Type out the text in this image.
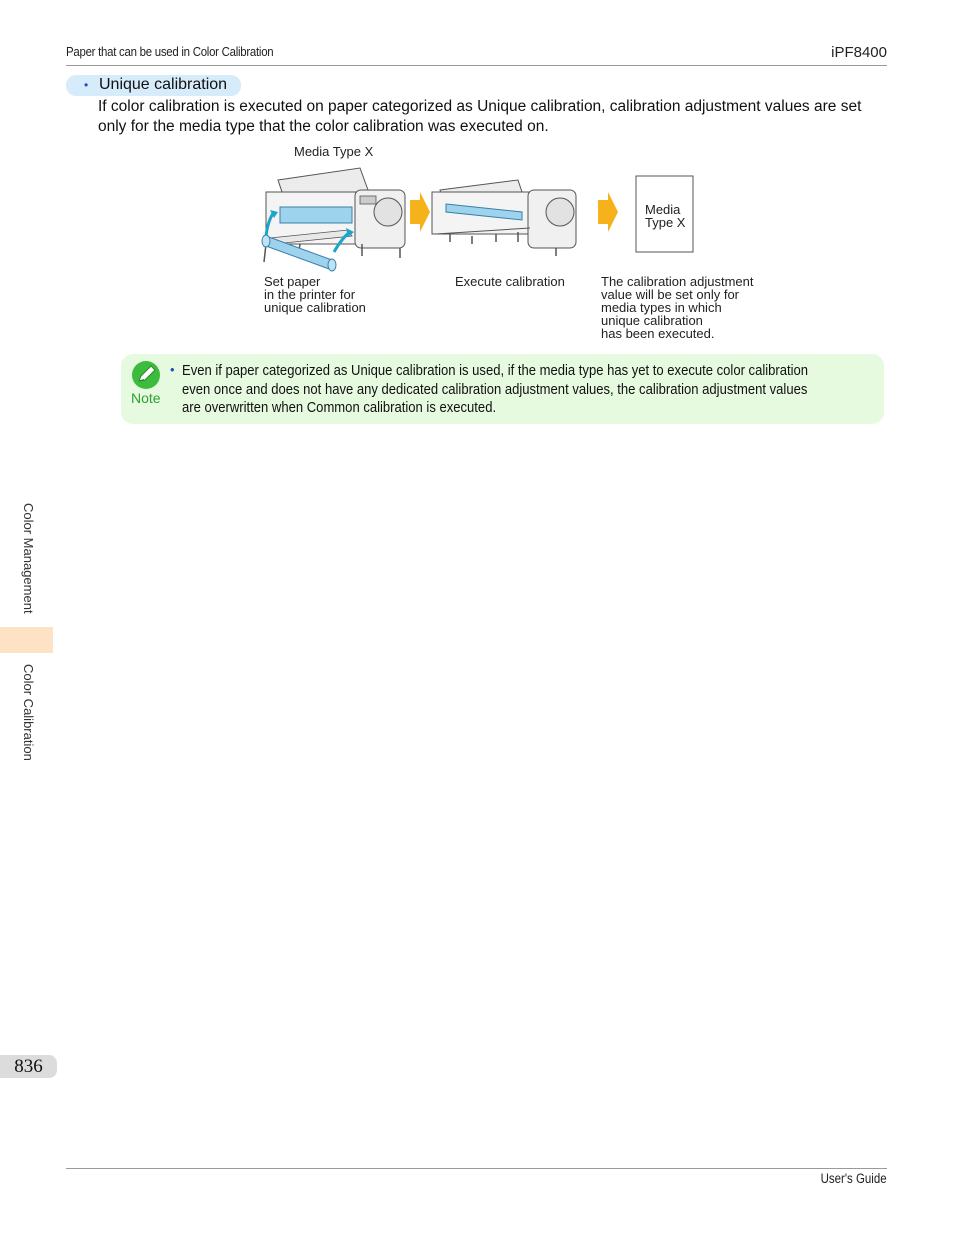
Paper that can be used in Color Calibration	iPF8400
• Unique calibration
If color calibration is executed on paper categorized as Unique calibration, calibration adjustment values are set only for the media type that the color calibration was executed on.
Media Type X
Media
Type X
Set paper
in the printer for
unique calibration
Execute calibration	The calibration adjustment
value will be set only for
media types in which
unique calibration
has been executed.
Note
• Even if paper categorized as Unique calibration is used, if the media type has yet to execute color calibration even once and does not have any dedicated calibration adjustment values, the calibration adjustment values are overwritten when Common calibration is executed.
Color Management
Color Calibration
836
User's Guide
